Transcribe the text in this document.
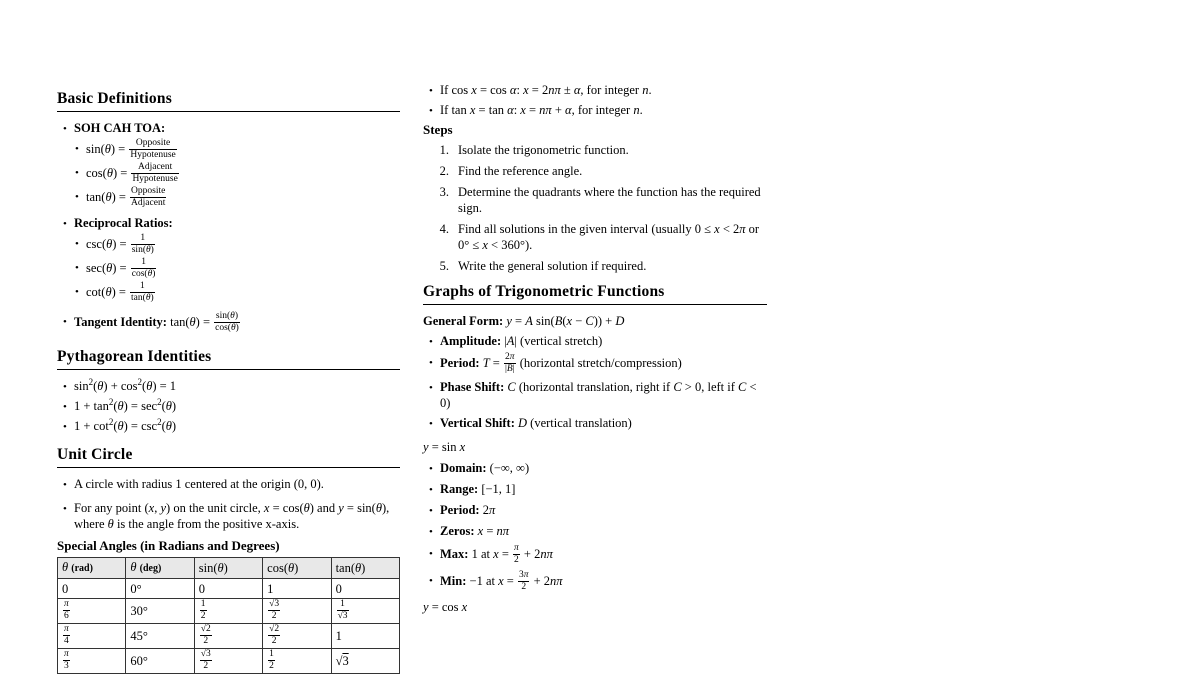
Basic Definitions
• SOH CAH TOA:
• sin(θ) = Opposite
Hypotenuse
• cos(θ) = Adjacent
Hypotenuse
• tan(θ) = Opposite
Adjacent
• Reciprocal Ratios:
• $\csc(\theta) = \frac{1}{\sin(\theta)}$
• $\sec(\theta) = \frac{1}{\cos(\theta)}$
• $\cot(\theta) = \frac{1}{\tan(\theta)}$
• Tangent Identity: $\tan(\theta) = \frac{\sin(\theta)}{\cos(\theta)}$
Pythagorean Identities
• $\sin^2(\theta) + \cos^2(\theta) = 1$
• $1 + \tan^2(\theta) = \sec^2(\theta)$
• $1 + \cot^2(\theta) = \csc^2(\theta)$
Unit Circle
• A circle with radius 1 centered at the origin (0, 0).
• For any point (x, y) on the unit circle, x = cos(θ) and y = sin(θ), where θ is the angle from the positive x-axis.
Special Angles (in Radians and Degrees)
θ (rad)	θ (deg)	sin(θ)	cos(θ)	tan(θ)
0	0°	0	1	0

$\frac{\pi}{6}$	30°	$\frac{1}{2}$	$\frac{√3}{2}$	$\frac{1}{√3}$

$\frac{\pi}{4}$	45°	$\frac{√2}{2}$	$\frac{√2}{2}$	1

$\frac{\pi}{3}$	60°	$\frac{√3}{2}$	$\frac{1}{2}$	√3
• If cos x = cos α: x = 2nπ ± α, for integer n.
• If tan x = tan α: x = nπ + α, for integer n.
Steps
1. Isolate the trigonometric function.
2. Find the reference angle.
3. Determine the quadrants where the function has the required sign.
4. Find all solutions in the given interval (usually 0 ≤ x < 2π or 0° ≤ x < 360°).
5. Write the general solution if required.
Graphs of Trigonometric Functions
General Form: y = A sin(B(x − C)) + D
• Amplitude: |A| (vertical stretch)
• Period: $T = \frac{2\pi}{|B|}$ (horizontal stretch/compression)
• Phase Shift: C (horizontal translation, right if C > 0, left if C < 0)
• Vertical Shift: D (vertical translation)
y = sin x
• Domain: (−∞, ∞)
• Range: [−1, 1]
• Period: 2π
• Zeros: x = nπ
• Max: 1 at $x = \frac{\pi}{2} + 2n\pi$
• Min: −1 at $x = \frac{3\pi}{2} + 2n\pi$
y = cos x
